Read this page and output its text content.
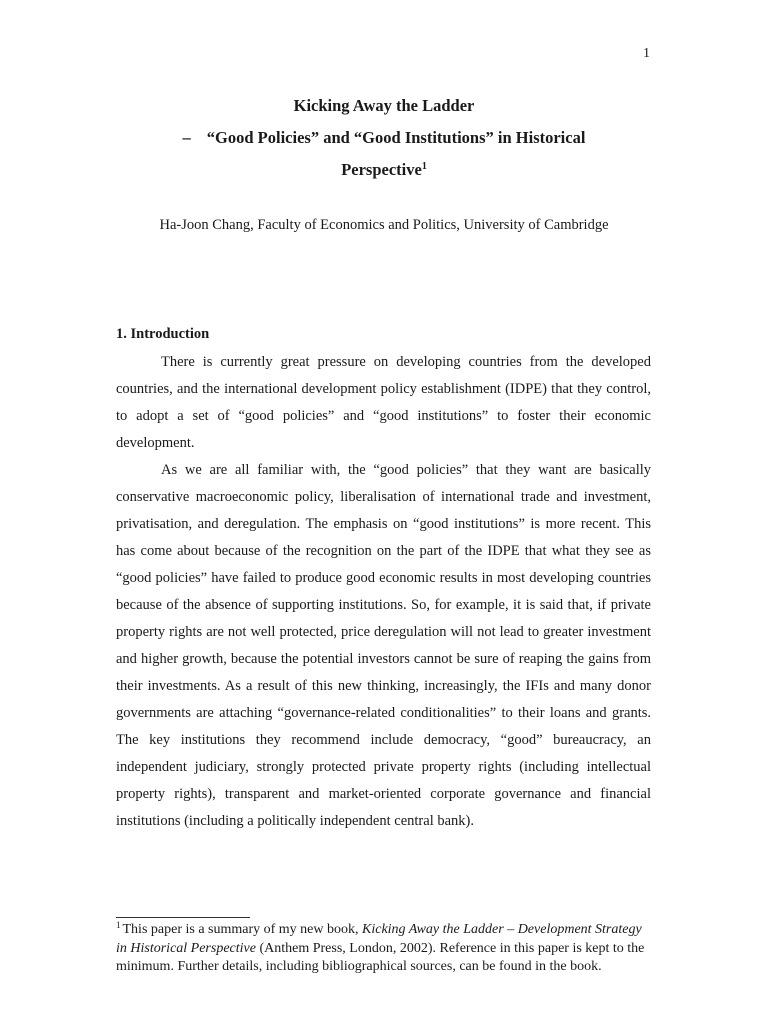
1
Kicking Away the Ladder
– “Good Policies” and “Good Institutions” in Historical
Perspective$^1$
Ha-Joon Chang, Faculty of Economics and Politics, University of Cambridge
1. Introduction

There is currently great pressure on developing countries from the developed countries, and the international development policy establishment (IDPE) that they control, to adopt a set of “good policies” and “good institutions” to foster their economic development.

As we are all familiar with, the “good policies” that they want are basically conservative macroeconomic policy, liberalisation of international trade and investment, privatisation, and deregulation. The emphasis on “good institutions” is more recent. This has come about because of the recognition on the part of the IDPE that what they see as “good policies” have failed to produce good economic results in most developing countries because of the absence of supporting institutions. So, for example, it is said that, if private property rights are not well protected, price deregulation will not lead to greater investment and higher growth, because the potential investors cannot be sure of reaping the gains from their investments. As a result of this new thinking, increasingly, the IFIs and many donor governments are attaching “governance-related conditionalities” to their loans and grants. The key institutions they recommend include democracy, “good” bureaucracy, an independent judiciary, strongly protected private property rights (including intellectual property rights), transparent and market-oriented corporate governance and financial institutions (including a politically independent central bank).

$^1$ This paper is a summary of my new book, Kicking Away the Ladder – Development Strategy in Historical Perspective (Anthem Press, London, 2002). Reference in this paper is kept to the minimum. Further details, including bibliographical sources, can be found in the book.
